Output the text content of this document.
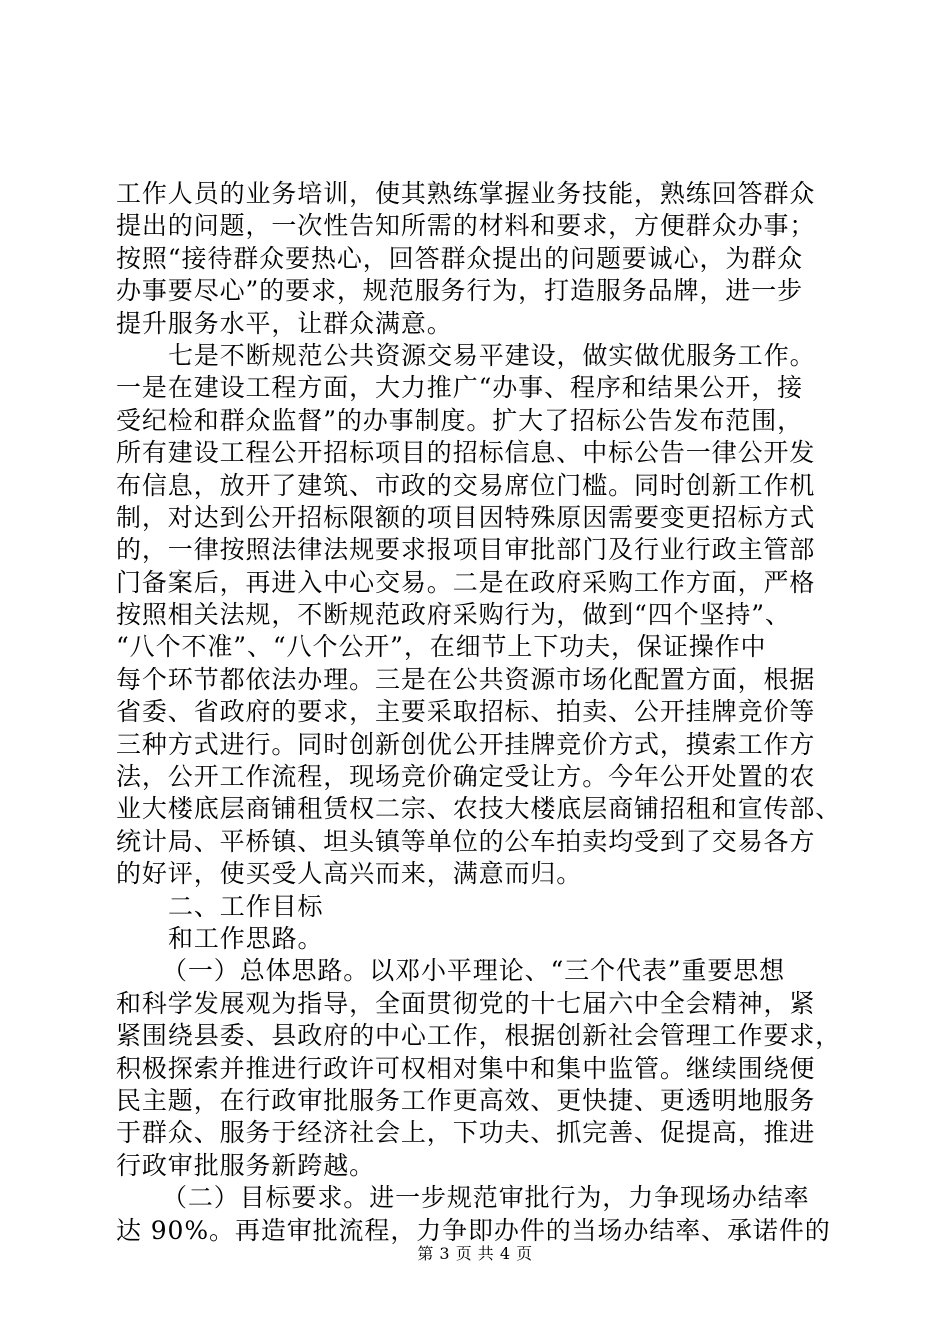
工作人员的业务培训，使其熟练掌握业务技能，熟练回答群众
提出的问题，一次性告知所需的材料和要求，方便群众办事；
按照“接待群众要热心，回答群众提出的问题要诚心，为群众
办事要尽心”的要求，规范服务行为，打造服务品牌，进一步
提升服务水平，让群众满意。
七是不断规范公共资源交易平建设，做实做优服务工作。
一是在建设工程方面，大力推广“办事、程序和结果公开，接
受纪检和群众监督”的办事制度。扩大了招标公告发布范围，
所有建设工程公开招标项目的招标信息、中标公告一律公开发
布信息，放开了建筑、市政的交易席位门槛。同时创新工作机
制，对达到公开招标限额的项目因特殊原因需要变更招标方式
的，一律按照法律法规要求报项目审批部门及行业行政主管部
门备案后，再进入中心交易。二是在政府采购工作方面，严格
按照相关法规，不断规范政府采购行为，做到“四个坚持”、
“八个不准”、“八个公开”，在细节上下功夫，保证操作中
每个环节都依法办理。三是在公共资源市场化配置方面，根据
省委、省政府的要求，主要采取招标、拍卖、公开挂牌竞价等
三种方式进行。同时创新创优公开挂牌竞价方式，摸索工作方
法，公开工作流程，现场竞价确定受让方。今年公开处置的农
业大楼底层商铺租赁权二宗、农技大楼底层商铺招租和宣传部、
统计局、平桥镇、坦头镇等单位的公车拍卖均受到了交易各方
的好评，使买受人高兴而来，满意而归。
二、工作目标
和工作思路。
（一）总体思路。以邓小平理论、“三个代表”重要思想
和科学发展观为指导，全面贯彻党的十七届六中全会精神，紧
紧围绕县委、县政府的中心工作，根据创新社会管理工作要求，
积极探索并推进行政许可权相对集中和集中监管。继续围绕便
民主题，在行政审批服务工作更高效、更快捷、更透明地服务
于群众、服务于经济社会上，下功夫、抓完善、促提高，推进
行政审批服务新跨越。
（二）目标要求。进一步规范审批行为，力争现场办结率
达 90%。再造审批流程，力争即办件的当场办结率、承诺件的
第 3 页 共 4 页
